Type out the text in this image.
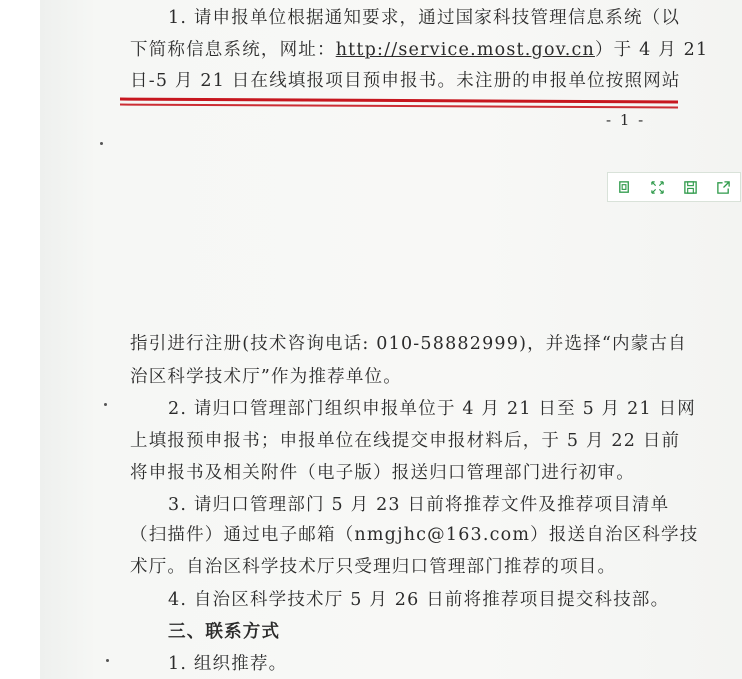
1. 请申报单位根据通知要求，通过国家科技管理信息系统（以
下简称信息系统，网址：http://service.most.gov.cn）于 4 月 21
日-5 月 21 日在线填报项目预申报书。未注册的申报单位按照网站
- 1 -
指引进行注册(技术咨询电话: 010-58882999)，并选择“内蒙古自
治区科学技术厅”作为推荐单位。
2. 请归口管理部门组织申报单位于 4 月 21 日至 5 月 21 日网
上填报预申报书；申报单位在线提交申报材料后，于 5 月 22 日前
将申报书及相关附件（电子版）报送归口管理部门进行初审。
3. 请归口管理部门 5 月 23 日前将推荐文件及推荐项目清单
（扫描件）通过电子邮箱（nmgjhc@163.com）报送自治区科学技
术厅。自治区科学技术厅只受理归口管理部门推荐的项目。
4. 自治区科学技术厅 5 月 26 日前将推荐项目提交科技部。
三、联系方式
1. 组织推荐。
